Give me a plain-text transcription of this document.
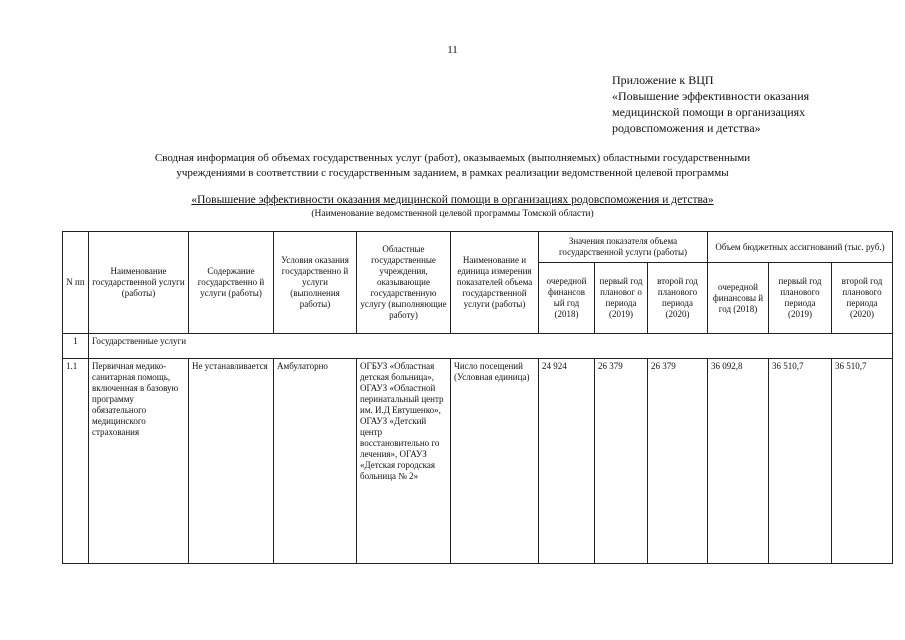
11
Приложение к ВЦП
«Повышение эффективности оказания
медицинской помощи в организациях
родовспоможения и детства»
Сводная информация об объемах государственных услуг (работ), оказываемых (выполняемых) областными государственными
учреждениями в соответствии с государственным заданием, в рамках реализации ведомственной целевой программы
«Повышение эффективности оказания медицинской помощи в организациях родовспоможения и детства»
(Наименование ведомственной целевой программы Томской области)
N пп	Наименование государственной услуги (работы)	Содержание государственно й услуги (работы)	Условия оказания государственно й услуги (выполнения работы)	Областные государственные учреждения, оказывающие государственную услугу (выполняющие работу)	Наименование и единица измерения показателей объема государственной услуги (работы)	Значения показателя объема государственной услуги (работы)			Объем бюджетных ассигнований (тыс. руб.)		
						очередной финансов ый год (2018)	первый год плановог о периода (2019)	второй год планового периода (2020)	очередной финансовы й год (2018)	первый год планового периода (2019)	второй год планового периода (2020)
1	Государственные услуги										
1.1	Первичная медико-санитарная помощь, включенная в базовую программу обязательного медицинского страхования	Не устанавливается	Амбулаторно	ОГБУЗ «Областная детская больница», ОГАУЗ «Областной перинатальный центр им. И.Д Евтушенко», ОГАУЗ «Детский центр восстановительно го лечения», ОГАУЗ «Детская городская больница № 2»	Число посещений (Условная единица)	24 924	26 379	26 379	36 092,8	36 510,7	36 510,7
